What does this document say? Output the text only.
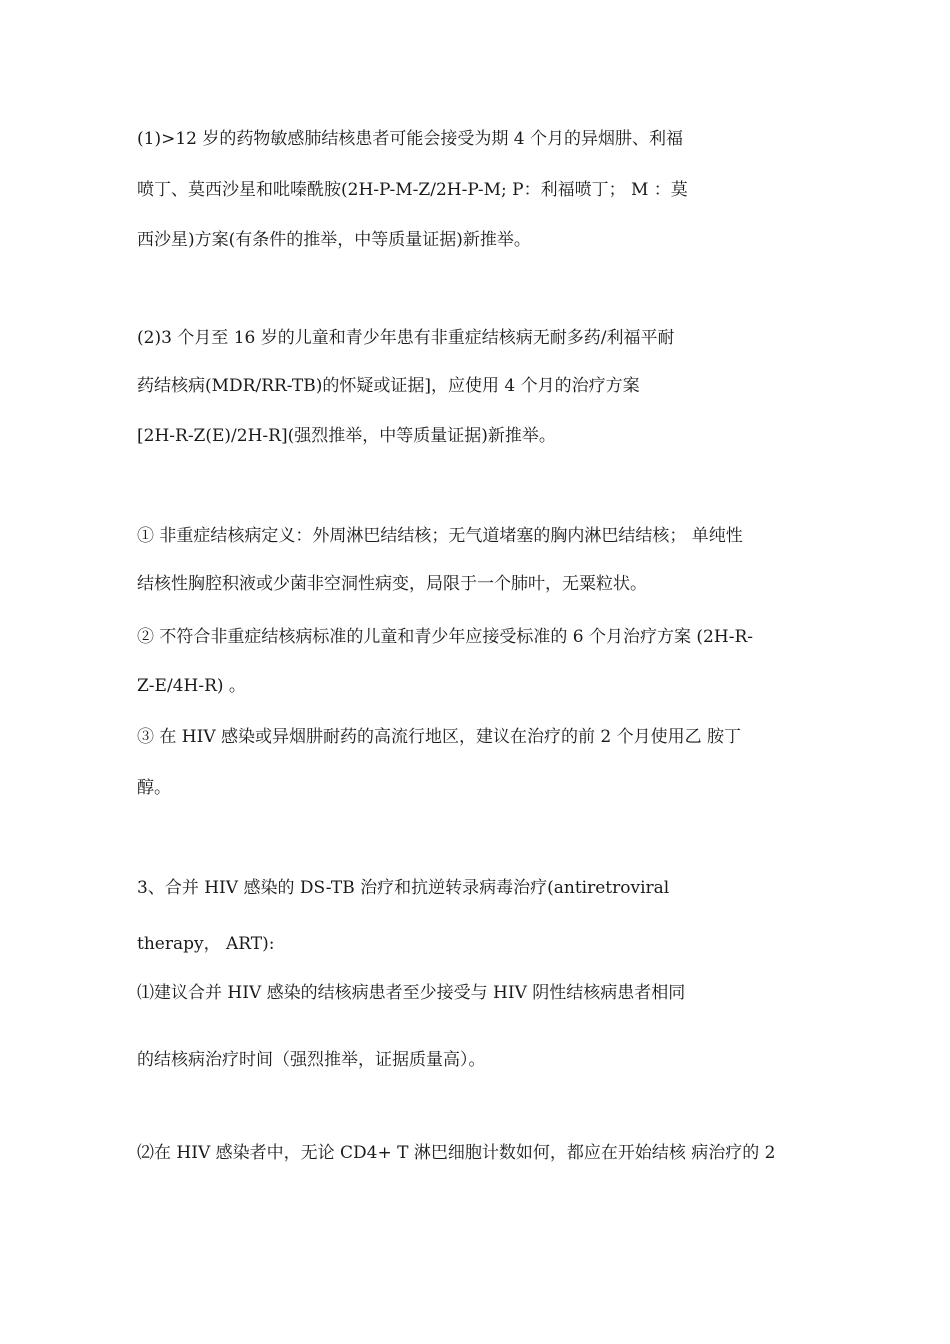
(1)>12 岁的药物敏感肺结核患者可能会接受为期 4 个月的异烟肼、利福
喷丁、莫西沙星和吡嗪酰胺(2H-P-M-Z/2H-P-M; P：利福喷丁； M ：莫
西沙星)方案(有条件的推举，中等质量证据)新推举。
(2)3 个月至 16 岁的儿童和青少年患有非重症结核病无耐多药/利福平耐
药结核病(MDR/RR-TB)的怀疑或证据]，应使用 4 个月的治疗方案
[2H-R-Z(E)/2H-R](强烈推举，中等质量证据)新推举。
① 非重症结核病定义：外周淋巴结结核；无气道堵塞的胸内淋巴结结核； 单纯性
结核性胸腔积液或少菌非空洞性病变，局限于一个肺叶，无粟粒状。
② 不符合非重症结核病标准的儿童和青少年应接受标准的 6 个月治疗方案 (2H-R-
Z-E/4H-R) 。
③ 在 HIV 感染或异烟肼耐药的高流行地区，建议在治疗的前 2 个月使用乙 胺丁
醇。
3、合并 HIV 感染的 DS-TB 治疗和抗逆转录病毒治疗(antiretroviral
therapy， ART):
⑴建议合并 HIV 感染的结核病患者至少接受与 HIV 阴性结核病患者相同
的结核病治疗时间（强烈推举，证据质量高）。
⑵在 HIV 感染者中，无论 CD4+ T 淋巴细胞计数如何，都应在开始结核 病治疗的 2
